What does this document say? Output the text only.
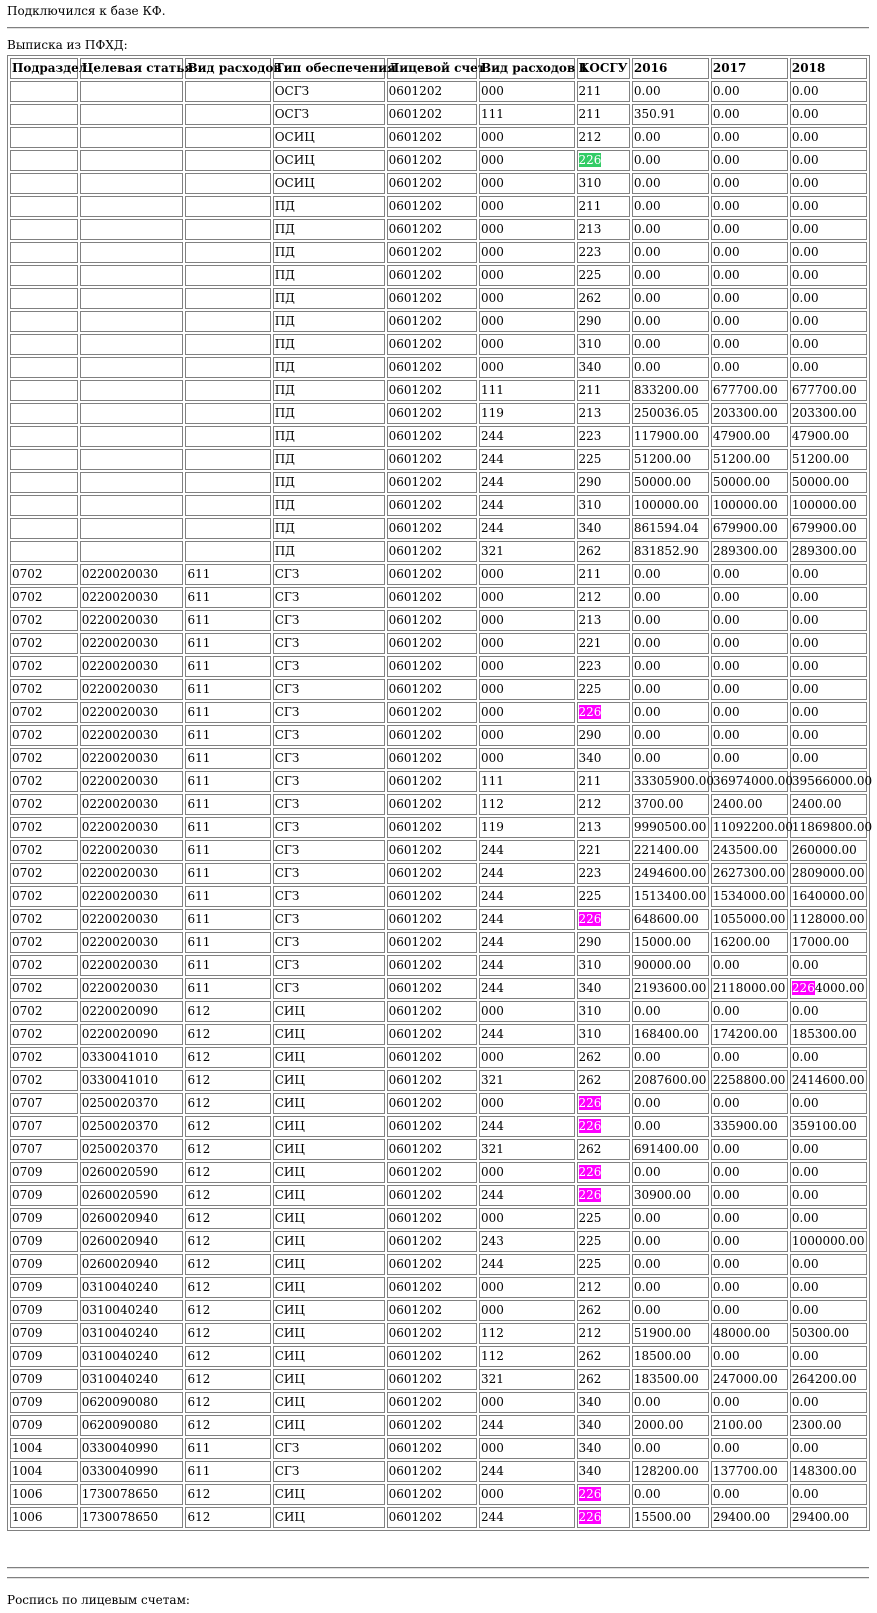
Подключился к базе КФ.
Выписка из ПФХД:
Подраздел	Целевая статья	Вид расходов	Тип обеспечения	Лицевой счет	Вид расходов 1	КОСГУ	2016	2017	2018
			ОСГЗ	0601202	000	211	0.00	0.00	0.00
			ОСГЗ	0601202	111	211	350.91	0.00	0.00
			ОСИЦ	0601202	000	212	0.00	0.00	0.00
			ОСИЦ	0601202	000	226	0.00	0.00	0.00
			ОСИЦ	0601202	000	310	0.00	0.00	0.00
			ПД	0601202	000	211	0.00	0.00	0.00
			ПД	0601202	000	213	0.00	0.00	0.00
			ПД	0601202	000	223	0.00	0.00	0.00
			ПД	0601202	000	225	0.00	0.00	0.00
			ПД	0601202	000	262	0.00	0.00	0.00
			ПД	0601202	000	290	0.00	0.00	0.00
			ПД	0601202	000	310	0.00	0.00	0.00
			ПД	0601202	000	340	0.00	0.00	0.00
			ПД	0601202	111	211	833200.00	677700.00	677700.00
			ПД	0601202	119	213	250036.05	203300.00	203300.00
			ПД	0601202	244	223	117900.00	47900.00	47900.00
			ПД	0601202	244	225	51200.00	51200.00	51200.00
			ПД	0601202	244	290	50000.00	50000.00	50000.00
			ПД	0601202	244	310	100000.00	100000.00	100000.00
			ПД	0601202	244	340	861594.04	679900.00	679900.00
			ПД	0601202	321	262	831852.90	289300.00	289300.00
0702	0220020030	611	СГЗ	0601202	000	211	0.00	0.00	0.00
0702	0220020030	611	СГЗ	0601202	000	212	0.00	0.00	0.00
0702	0220020030	611	СГЗ	0601202	000	213	0.00	0.00	0.00
0702	0220020030	611	СГЗ	0601202	000	221	0.00	0.00	0.00
0702	0220020030	611	СГЗ	0601202	000	223	0.00	0.00	0.00
0702	0220020030	611	СГЗ	0601202	000	225	0.00	0.00	0.00
0702	0220020030	611	СГЗ	0601202	000	226	0.00	0.00	0.00
0702	0220020030	611	СГЗ	0601202	000	290	0.00	0.00	0.00
0702	0220020030	611	СГЗ	0601202	000	340	0.00	0.00	0.00
0702	0220020030	611	СГЗ	0601202	111	211	33305900.00	36974000.00	39566000.00
0702	0220020030	611	СГЗ	0601202	112	212	3700.00	2400.00	2400.00
0702	0220020030	611	СГЗ	0601202	119	213	9990500.00	11092200.00	11869800.00
0702	0220020030	611	СГЗ	0601202	244	221	221400.00	243500.00	260000.00
0702	0220020030	611	СГЗ	0601202	244	223	2494600.00	2627300.00	2809000.00
0702	0220020030	611	СГЗ	0601202	244	225	1513400.00	1534000.00	1640000.00
0702	0220020030	611	СГЗ	0601202	244	226	648600.00	1055000.00	1128000.00
0702	0220020030	611	СГЗ	0601202	244	290	15000.00	16200.00	17000.00
0702	0220020030	611	СГЗ	0601202	244	310	90000.00	0.00	0.00
0702	0220020030	611	СГЗ	0601202	244	340	2193600.00	2118000.00	2264000.00
0702	0220020090	612	СИЦ	0601202	000	310	0.00	0.00	0.00
0702	0220020090	612	СИЦ	0601202	244	310	168400.00	174200.00	185300.00
0702	0330041010	612	СИЦ	0601202	000	262	0.00	0.00	0.00
0702	0330041010	612	СИЦ	0601202	321	262	2087600.00	2258800.00	2414600.00
0707	0250020370	612	СИЦ	0601202	000	226	0.00	0.00	0.00
0707	0250020370	612	СИЦ	0601202	244	226	0.00	335900.00	359100.00
0707	0250020370	612	СИЦ	0601202	321	262	691400.00	0.00	0.00
0709	0260020590	612	СИЦ	0601202	000	226	0.00	0.00	0.00
0709	0260020590	612	СИЦ	0601202	244	226	30900.00	0.00	0.00
0709	0260020940	612	СИЦ	0601202	000	225	0.00	0.00	0.00
0709	0260020940	612	СИЦ	0601202	243	225	0.00	0.00	1000000.00
0709	0260020940	612	СИЦ	0601202	244	225	0.00	0.00	0.00
0709	0310040240	612	СИЦ	0601202	000	212	0.00	0.00	0.00
0709	0310040240	612	СИЦ	0601202	000	262	0.00	0.00	0.00
0709	0310040240	612	СИЦ	0601202	112	212	51900.00	48000.00	50300.00
0709	0310040240	612	СИЦ	0601202	112	262	18500.00	0.00	0.00
0709	0310040240	612	СИЦ	0601202	321	262	183500.00	247000.00	264200.00
0709	0620090080	612	СИЦ	0601202	000	340	0.00	0.00	0.00
0709	0620090080	612	СИЦ	0601202	244	340	2000.00	2100.00	2300.00
1004	0330040990	611	СГЗ	0601202	000	340	0.00	0.00	0.00
1004	0330040990	611	СГЗ	0601202	244	340	128200.00	137700.00	148300.00
1006	1730078650	612	СИЦ	0601202	000	226	0.00	0.00	0.00
1006	1730078650	612	СИЦ	0601202	244	226	15500.00	29400.00	29400.00
Роспись по лицевым счетам:
